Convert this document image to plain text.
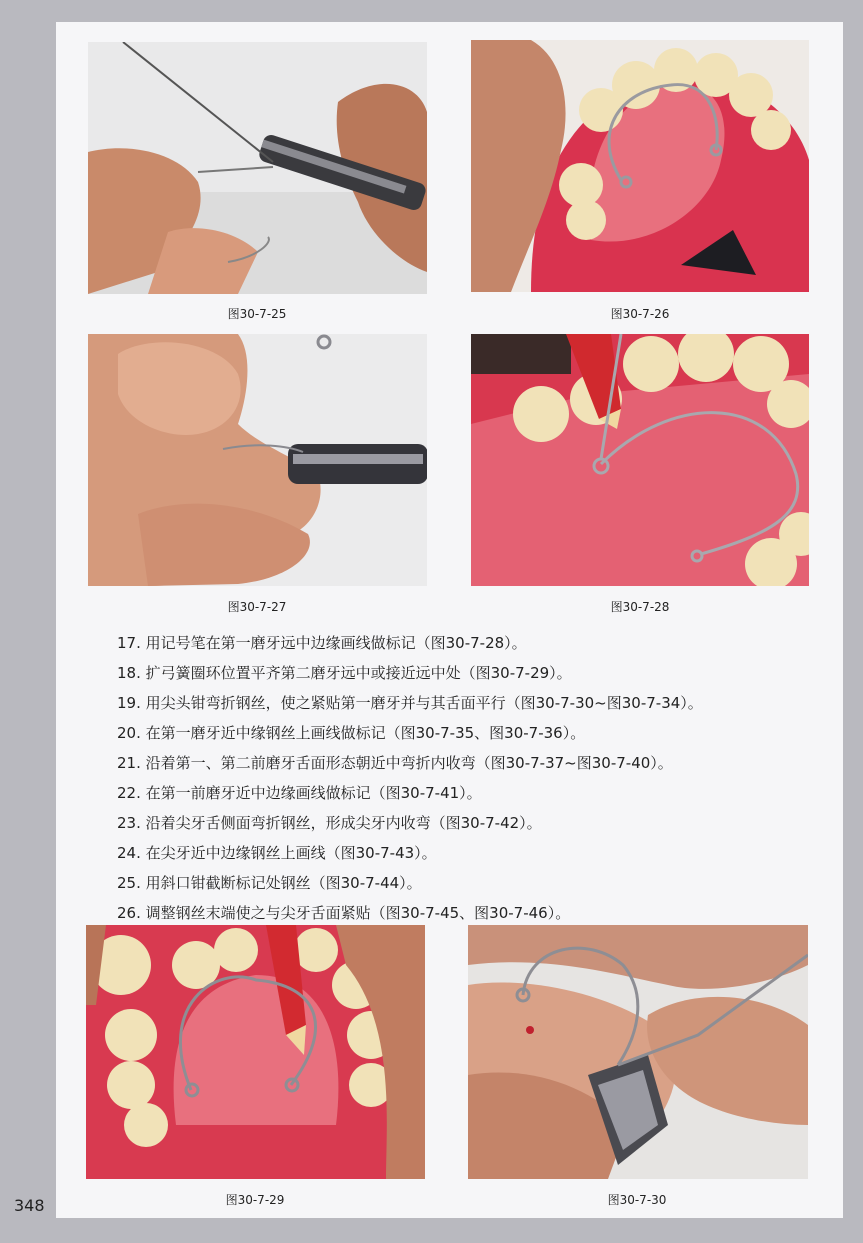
图30-7-25	图30-7-26
图30-7-27	图30-7-28
17. 用记号笔在第一磨牙远中边缘画线做标记（图30-7-28）。
18. 扩弓簧圈环位置平齐第二磨牙远中或接近远中处（图30-7-29）。
19. 用尖头钳弯折钢丝，使之紧贴第一磨牙并与其舌面平行（图30-7-30~图30-7-34）。
20. 在第一磨牙近中缘钢丝上画线做标记（图30-7-35、图30-7-36）。
21. 沿着第一、第二前磨牙舌面形态朝近中弯折内收弯（图30-7-37~图30-7-40）。
22. 在第一前磨牙近中边缘画线做标记（图30-7-41）。
23. 沿着尖牙舌侧面弯折钢丝，形成尖牙内收弯（图30-7-42）。
24. 在尖牙近中边缘钢丝上画线（图30-7-43）。
25. 用斜口钳截断标记处钢丝（图30-7-44）。
26. 调整钢丝末端使之与尖牙舌面紧贴（图30-7-45、图30-7-46）。
图30-7-29	图30-7-30
348
